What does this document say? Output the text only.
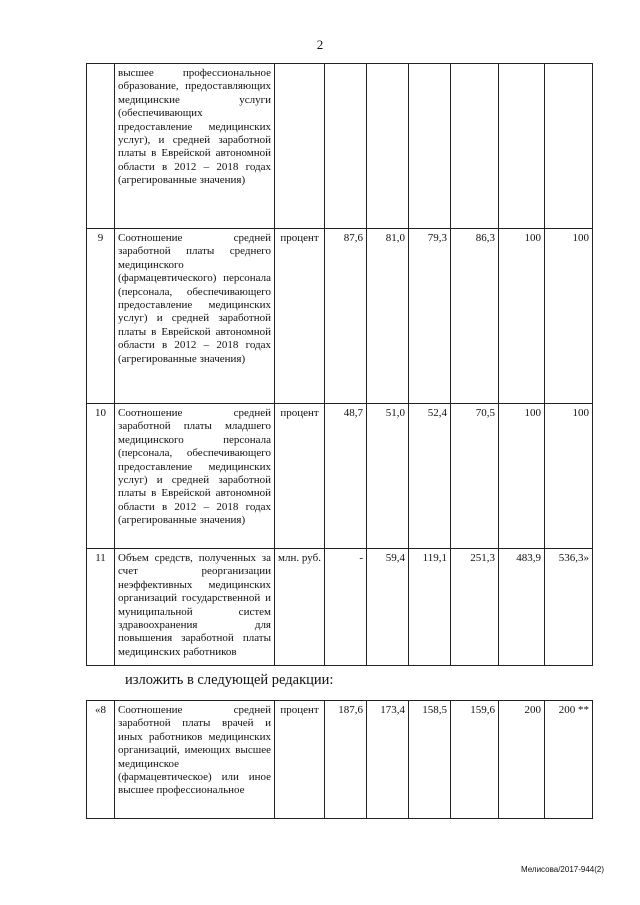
2
	высшее профессиональное образование, предоставляющих медицинские услуги (обеспечивающих предоставление медицинских услуг), и средней заработной платы в Еврейской автономной области в 2012 – 2018 годах (агрегированные значения)							
9	Соотношение средней заработной платы среднего медицинского (фармацевтического) персонала (персонала, обеспечивающего предоставление медицинских услуг) и средней заработной платы в Еврейской автономной области в 2012 – 2018 годах (агрегированные значения)	процент	87,6	81,0	79,3	86,3	100	100
10	Соотношение средней заработной платы младшего медицинского персонала (персонала, обеспечивающего предоставление медицинских услуг) и средней заработной платы в Еврейской автономной области в 2012 – 2018 годах (агрегированные значения)	процент	48,7	51,0	52,4	70,5	100	100
11	Объем средств, полученных за счет реорганизации неэффективных медицинских организаций государственной и муниципальной систем здравоохранения для повышения заработной платы медицинских работников	млн. руб.	-	59,4	119,1	251,3	483,9	536,3»
изложить в следующей редакции:
«8	Соотношение средней заработной платы врачей и иных работников медицинских организаций, имеющих высшее медицинское (фармацевтическое) или иное высшее профессиональное	процент	187,6	173,4	158,5	159,6	200	200 **
Мелисова/2017-944(2)
